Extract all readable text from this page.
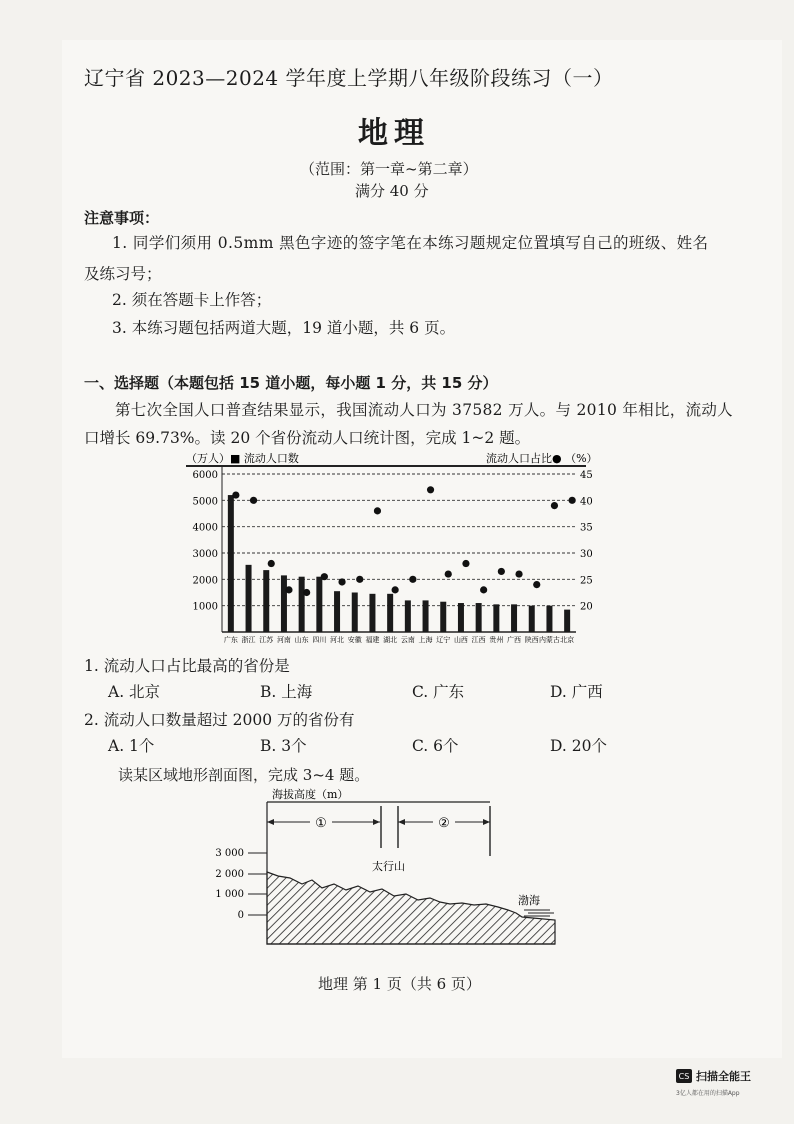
辽宁省 2023—2024 学年度上学期八年级阶段练习（一）
地理
（范围：第一章~第二章）
满分 40 分
注意事项：
1. 同学们须用 0.5mm 黑色字迹的签字笔在本练习题规定位置填写自己的班级、姓名
及练习号；
2. 须在答题卡上作答；
3. 本练习题包括两道大题，19 道小题，共 6 页。
一、选择题（本题包括 15 道小题，每小题 1 分，共 15 分）
第七次全国人口普查结果显示，我国流动人口为 37582 万人。与 2010 年相比，流动人
口增长 69.73%。读 20 个省份流动人口统计图，完成 1~2 题。
（万人） ■ 流动人口数	流动人口占比● （%）
1000
2000
3000
4000
5000
6000
20
25
30
35
40
45
广东 浙江 江苏 河南 山东 四川 河北 安徽 福建 湖北 云南 上海 辽宁 山西 江西 贵州 广西 陕西 内蒙古 北京
1. 流动人口占比最高的省份是
A. 北京	B. 上海	C. 广东	D. 广西
2. 流动人口数量超过 2000 万的省份有
A. 1个	B. 3个	C. 6个	D. 20个
读某区域地形剖面图，完成 3~4 题。
海拔高度（m）
3 000
2 000
1 000
0
①	②
太行山
渤海
地理 第 1 页（共 6 页）
CS 扫描全能王
3亿人都在用的扫描App
